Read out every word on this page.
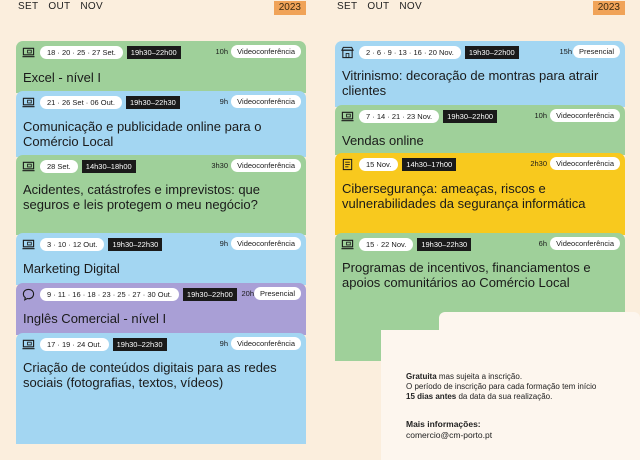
SET OUT NOV	2023
18 · 20 · 25 · 27 Set.	19h30–22h00	10h	Videoconferência
Excel - nível I
21 · 26 Set · 06 Out.	19h30–22h30	9h	Videoconferência
Comunicação e publicidade online para o Comércio Local
28 Set.	14h30–18h00	3h30	Videoconferência
Acidentes, catástrofes e imprevistos: que seguros e leis protegem o meu negócio?
3 · 10 · 12 Out.	19h30–22h30	9h	Videoconferência
Marketing Digital
9 · 11 · 16 · 18 · 23 · 25 · 27 · 30 Out.	19h30–22h00	20h Presencial
Inglês Comercial - nível I
17 · 19 · 24 Out.	19h30–22h30	9h	Videoconferência
Criação de conteúdos digitais para as redes sociais (fotografias, textos, vídeos)
SET OUT NOV	2023
2 · 6 · 9 · 13 · 16 · 20 Nov.	19h30–22h00	15h Presencial
Vitrinismo: decoração de montras para atrair clientes
7 · 14 · 21 · 23 Nov.	19h30–22h00	10h	Videoconferência
Vendas online
15 Nov.	14h30–17h00	2h30	Videoconferência
Cibersegurança: ameaças, riscos e vulnerabilidades da segurança informática
15 · 22 Nov.	19h30–22h30	6h	Videoconferência
Programas de incentivos, financiamentos e apoios comunitários ao Comércio Local
Gratuita mas sujeita a inscrição.
O período de inscrição para cada formação tem início 15 dias antes da data da sua realização.
Mais informações:
comercio@cm-porto.pt
